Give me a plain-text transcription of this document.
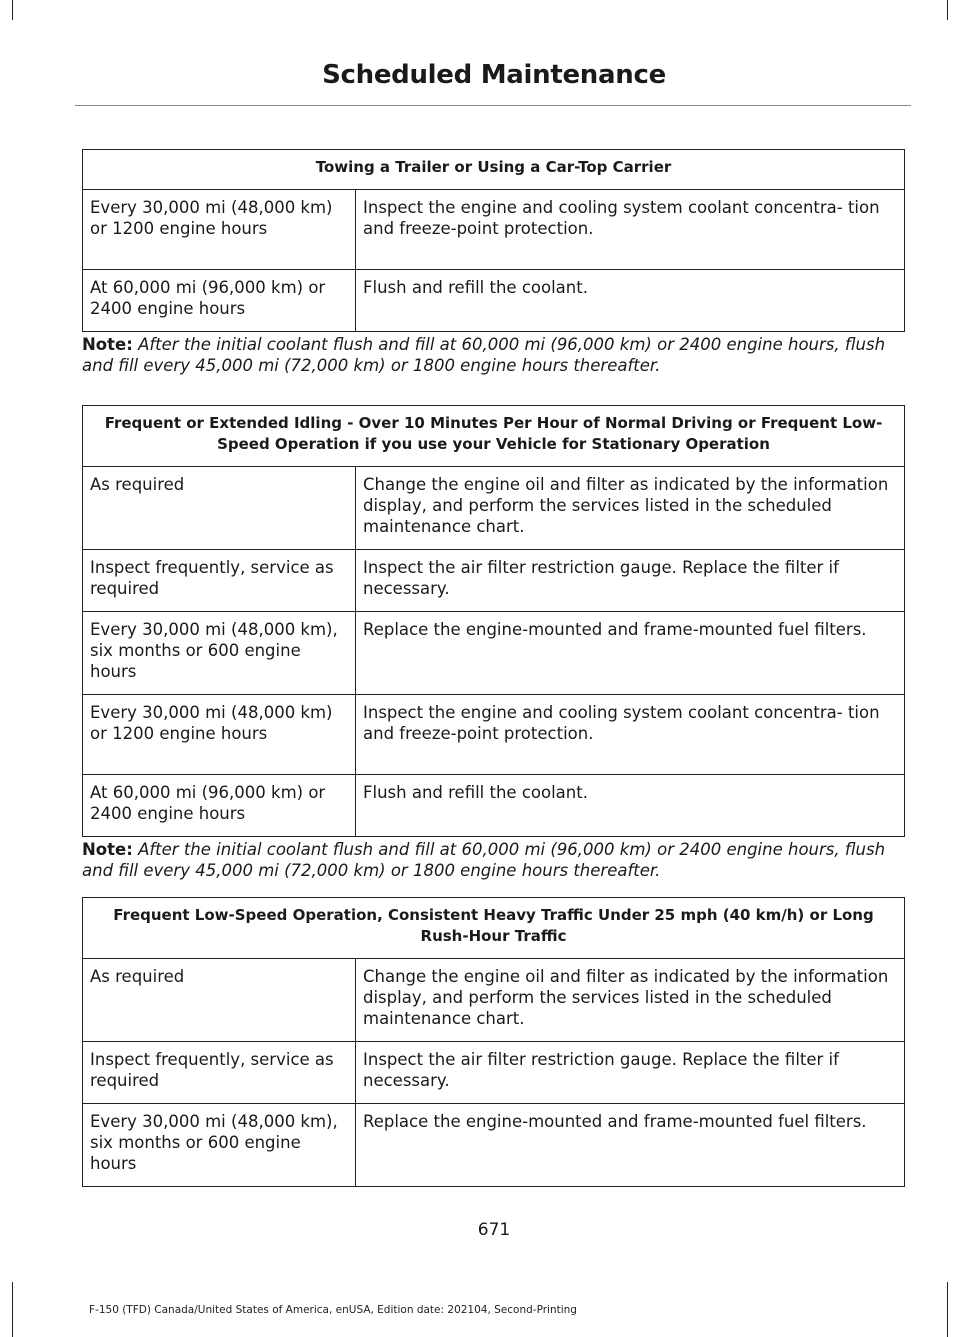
Scheduled Maintenance
Towing a Trailer or Using a Car-Top Carrier	
Every 30,000 mi (48,000 km) or 1200 engine hours	Inspect the engine and cooling system coolant concentra- tion and freeze-point protection.
At 60,000 mi (96,000 km) or 2400 engine hours	Flush and refill the coolant.
Note: After the initial coolant flush and fill at 60,000 mi (96,000 km) or 2400 engine hours, flush and fill every 45,000 mi (72,000 km) or 1800 engine hours thereafter.
Frequent or Extended Idling - Over 10 Minutes Per Hour of Normal Driving or Frequent Low-Speed Operation if you use your Vehicle for Stationary Operation	
As required	Change the engine oil and filter as indicated by the information display, and perform the services listed in the scheduled maintenance chart.
Inspect frequently, service as required	Inspect the air filter restriction gauge. Replace the filter if necessary.
Every 30,000 mi (48,000 km), six months or 600 engine hours	Replace the engine-mounted and frame-mounted fuel filters.
Every 30,000 mi (48,000 km) or 1200 engine hours	Inspect the engine and cooling system coolant concentra- tion and freeze-point protection.
At 60,000 mi (96,000 km) or 2400 engine hours	Flush and refill the coolant.
Note: After the initial coolant flush and fill at 60,000 mi (96,000 km) or 2400 engine hours, flush and fill every 45,000 mi (72,000 km) or 1800 engine hours thereafter.
Frequent Low-Speed Operation, Consistent Heavy Traffic Under 25 mph (40 km/h) or Long Rush-Hour Traffic	
As required	Change the engine oil and filter as indicated by the information display, and perform the services listed in the scheduled maintenance chart.
Inspect frequently, service as required	Inspect the air filter restriction gauge. Replace the filter if necessary.
Every 30,000 mi (48,000 km), six months or 600 engine hours	Replace the engine-mounted and frame-mounted fuel filters.
671
F-150 (TFD) Canada/United States of America, enUSA, Edition date: 202104, Second-Printing
